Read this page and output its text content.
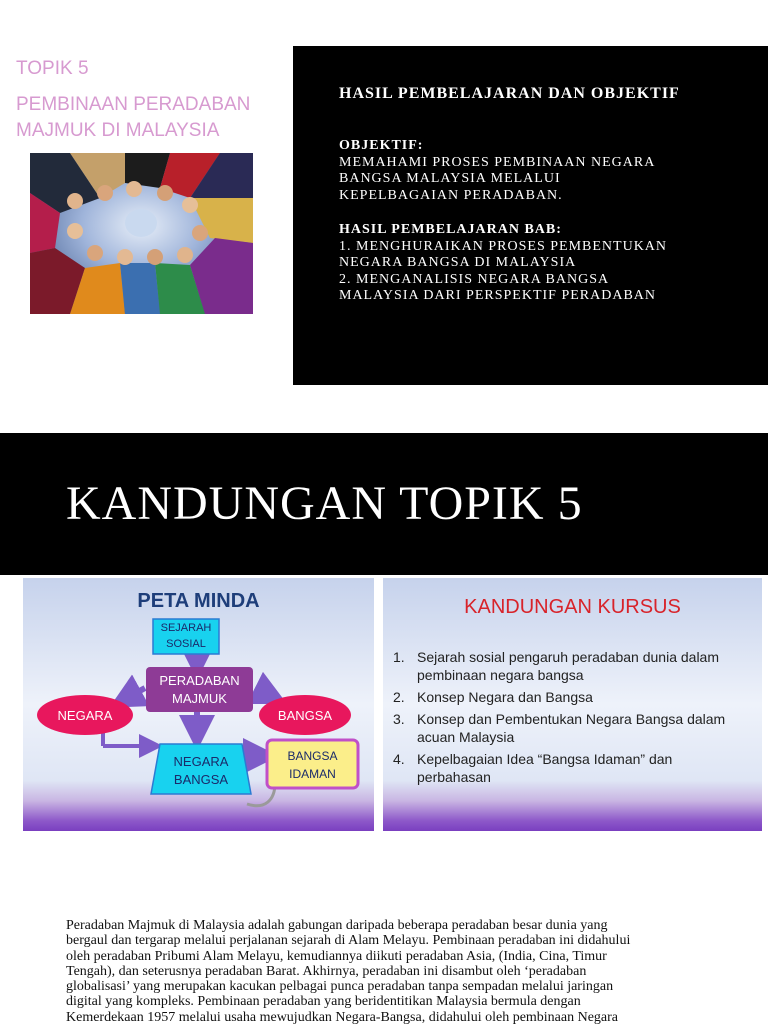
TOPIK 5
PEMBINAAN PERADABAN MAJMUK DI MALAYSIA
HASIL PEMBELAJARAN DAN OBJEKTIF
OBJEKTIF:
MEMAHAMI PROSES PEMBINAAN NEGARA
BANGSA MALAYSIA MELALUI
KEPELBAGAIAN PERADABAN.
HASIL PEMBELAJARAN BAB:
1. MENGHURAIKAN PROSES PEMBENTUKAN
NEGARA BANGSA DI MALAYSIA
2. MENGANALISIS NEGARA BANGSA
MALAYSIA DARI PERSPEKTIF PERADABAN
KANDUNGAN TOPIK 5
PETA MINDA
SEJARAH
SOSIAL
PERADABAN
MAJMUK
NEGARA	BANGSA
NEGARA
BANGSA
BANGSA
IDAMAN
KANDUNGAN KURSUS
1. Sejarah sosial pengaruh peradaban dunia dalam pembinaan negara bangsa
2. Konsep Negara dan Bangsa
3. Konsep dan Pembentukan Negara Bangsa dalam acuan Malaysia
4. Kepelbagaian Idea “Bangsa Idaman” dan perbahasan
Peradaban Majmuk di Malaysia adalah gabungan daripada beberapa peradaban besar dunia yang
bergaul dan tergarap melalui perjalanan sejarah di Alam Melayu. Pembinaan peradaban ini didahului
oleh peradaban Pribumi Alam Melayu, kemudiannya diikuti peradaban Asia, (India, Cina, Timur
Tengah), dan seterusnya peradaban Barat. Akhirnya, peradaban ini disambut oleh ‘peradaban
globalisasi’ yang merupakan kacukan pelbagai punca peradaban tanpa sempadan melalui jaringan
digital yang kompleks. Pembinaan peradaban yang beridentitikan Malaysia bermula dengan
Kemerdekaan 1957 melalui usaha mewujudkan Negara-Bangsa, didahului oleh pembinaan Negara
